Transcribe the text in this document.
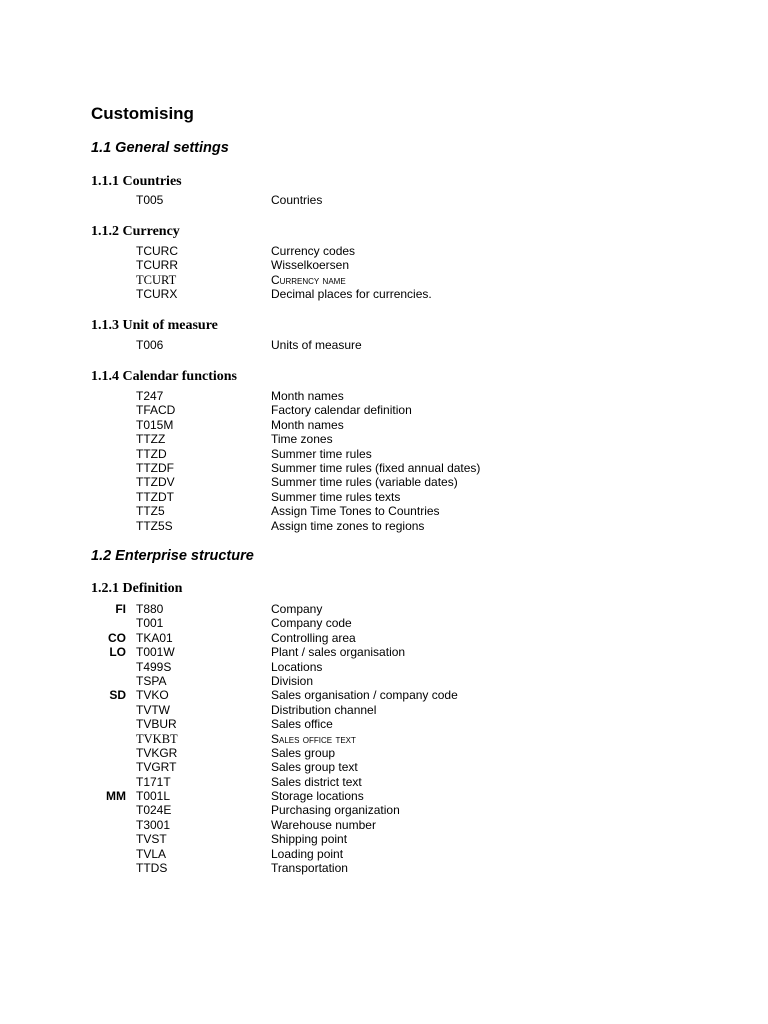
Customising
1.1 General settings
1.1.1 Countries
T005	Countries
1.1.2 Currency
TCURC	Currency codes
TCURR	Wisselkoersen
TCURT	Currency name
TCURX	Decimal places for currencies.
1.1.3 Unit of measure
T006	Units of measure
1.1.4 Calendar functions
T247	Month names
TFACD	Factory calendar definition
T015M	Month names
TTZZ	Time zones
TTZD	Summer time rules
TTZDF	Summer time rules (fixed annual dates)
TTZDV	Summer time rules (variable dates)
TTZDT	Summer time rules texts
TTZ5	Assign Time Tones to Countries
TTZ5S	Assign time zones to regions
1.2 Enterprise structure
1.2.1 Definition
FI T880	Company
T001	Company code
CO TKA01	Controlling area
LO T001W	Plant / sales organisation
T499S	Locations
TSPA	Division
SD TVKO	Sales organisation / company code
TVTW	Distribution channel
TVBUR	Sales office
TVKBT	Sales office text
TVKGR	Sales group
TVGRT	Sales group text
T171T	Sales district text
MM T001L	Storage locations
T024E	Purchasing organization
T3001	Warehouse number
TVST	Shipping point
TVLA	Loading point
TTDS	Transportation
